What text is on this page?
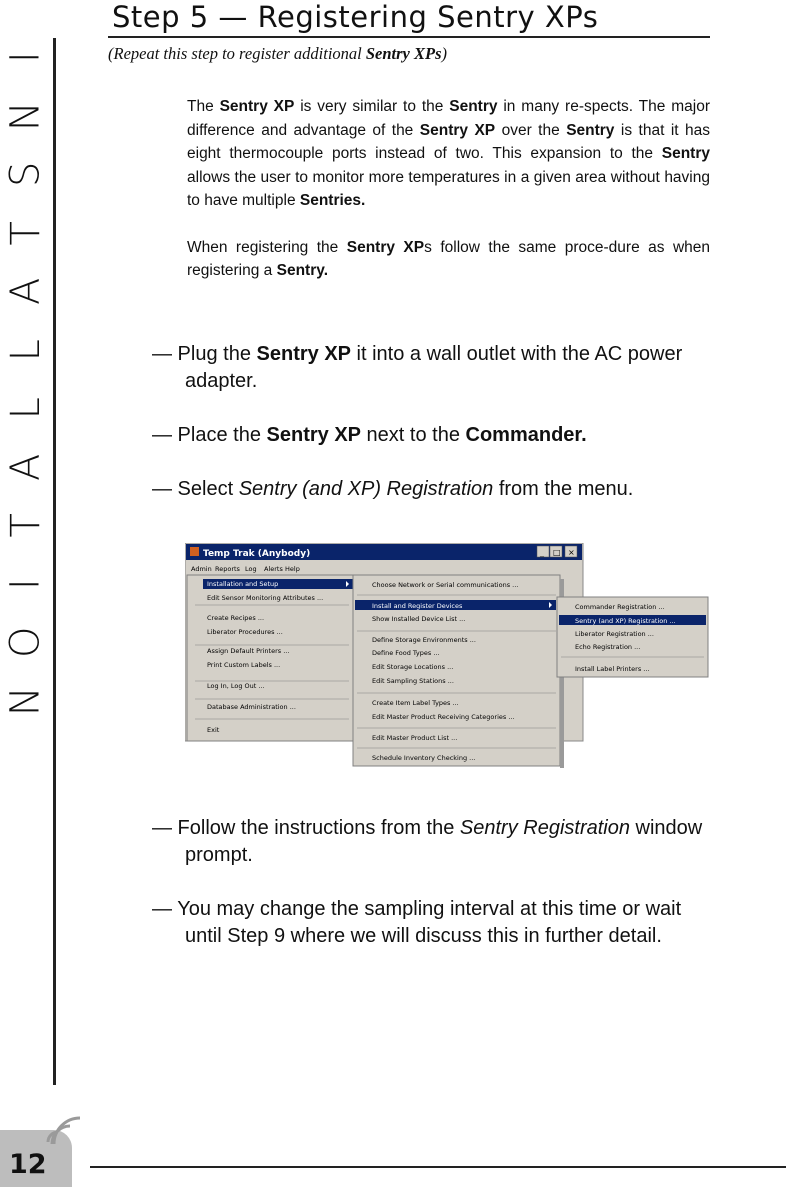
I
N
S
T
A
L
L
A
T
I
O
N
Step 5 — Registering Sentry XPs
(Repeat this step to register additional Sentry XPs)

The Sentry XP is very similar to the Sentry in many re-spects. The major difference and advantage of the Sentry XP over the Sentry is that it has eight thermocouple ports instead of two. This expansion to the Sentry allows the user to monitor more temperatures in a given area without having to have multiple Sentries.

When registering the Sentry XPs follow the same proce-dure as when registering a Sentry.

— Plug the Sentry XP it into a wall outlet with the AC power adapter.

— Place the Sentry XP next to the Commander.

— Select Sentry (and XP) Registration from the menu.

Temp Trak (Anybody)	_ □ ×
Admin Reports Log Alerts Help
Installation and Setup
Edit Sensor Monitoring Attributes ...
Create Recipes ...
Liberator Procedures ...
Assign Default Printers ...
Print Custom Labels ...
Log In, Log Out ...
Database Administration ...
Exit
Choose Network or Serial communications ...
Install and Register Devices
Show Installed Device List ...
Define Storage Environments ...
Define Food Types ...
Edit Storage Locations ...
Edit Sampling Stations ...
Create Item Label Types ...
Edit Master Product Receiving Categories ...
Edit Master Product List ...
Schedule Inventory Checking ...
Commander Registration ...
Sentry (and XP) Registration ...
Liberator Registration ...
Echo Registration ...
Install Label Printers ...

— Follow the instructions from the Sentry Registration window prompt.

— You may change the sampling interval at this time or wait until Step 9 where we will discuss this in further detail.

12
